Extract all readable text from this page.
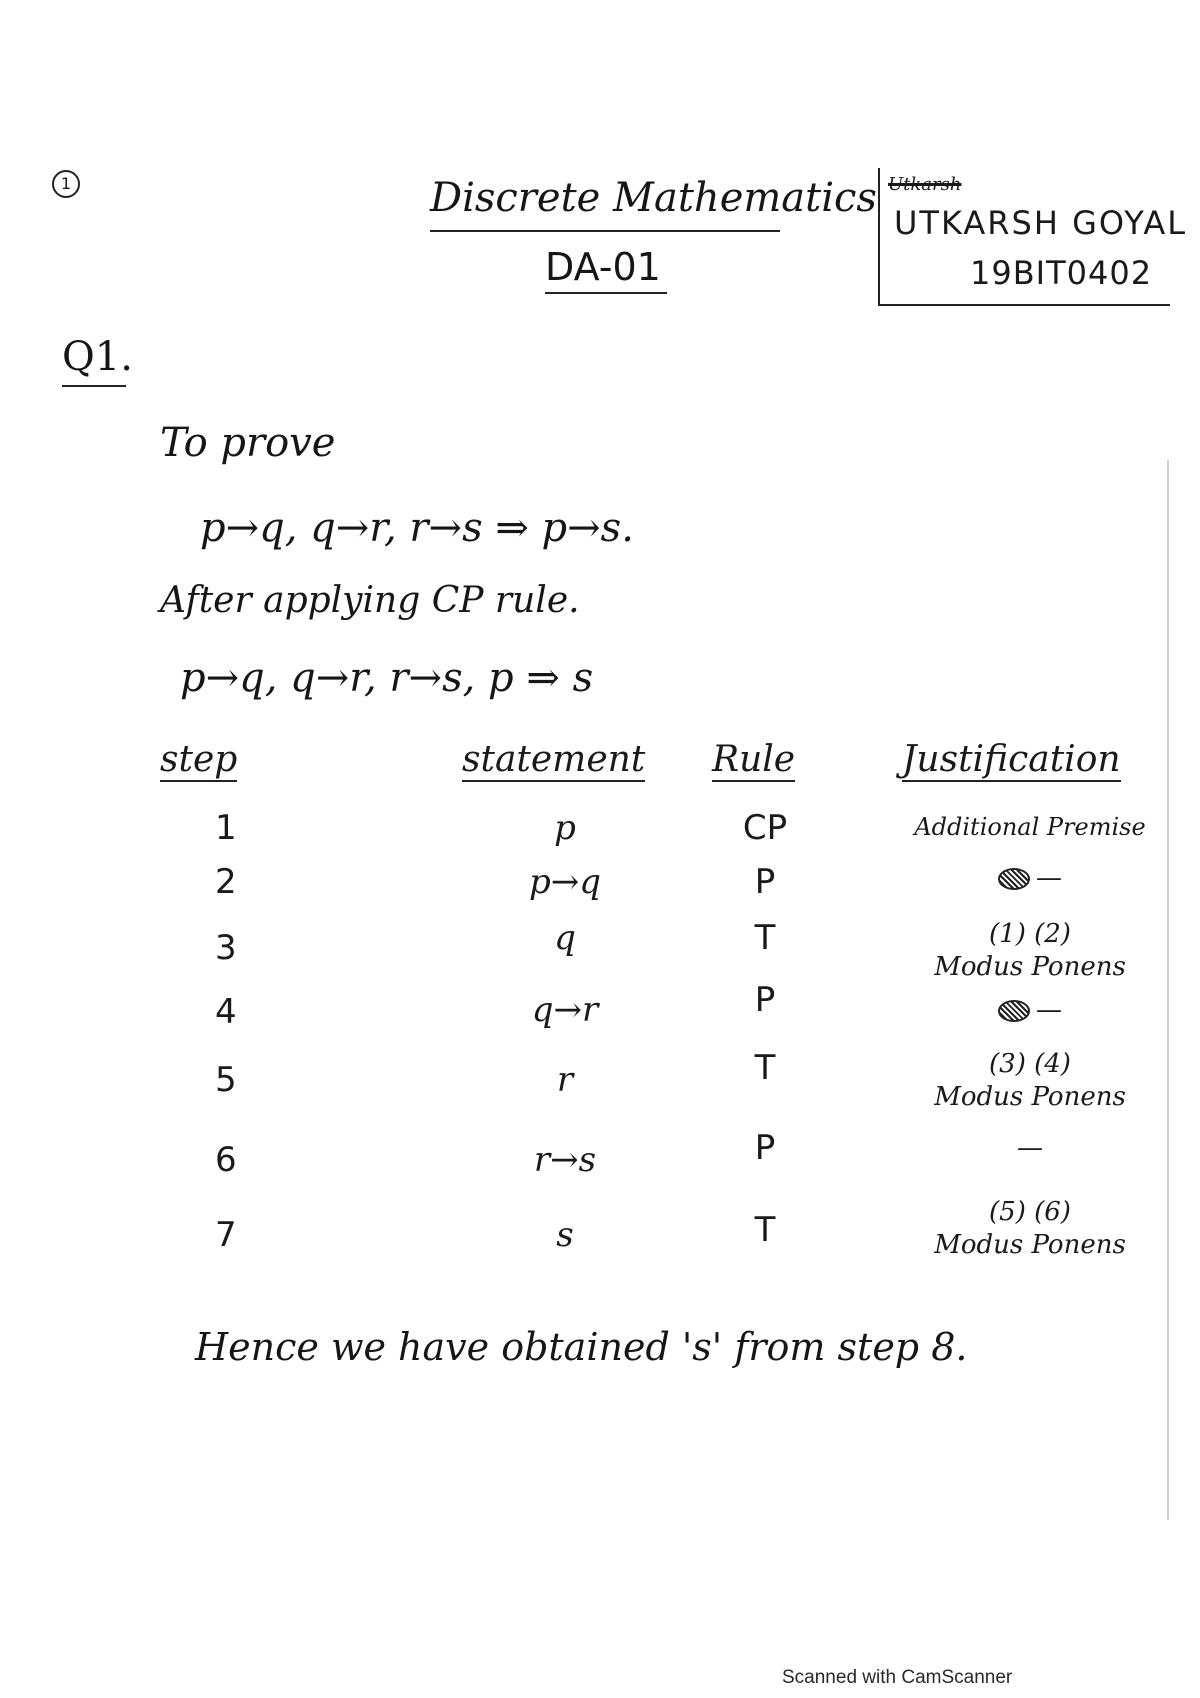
1	Discrete Mathematics
DA-01
Utkarsh
UTKARSH GOYAL
19BIT0402
Q1.
To prove
p→q, q→r, r→s ⇒ p→s.
After applying CP rule.
p→q, q→r, r→s, p ⇒ s
step	statement Rule	Justification
1	p	CP	Additional Premise
2	p→q	P	—
3	q	T	(1) (2)
Modus Ponens
4	q→r	P	—
5	r	T	(3) (4)
Modus Ponens
6	r→s	P	—
7	s	T	(5) (6)
Modus Ponens
Hence we have obtained 's' from step 8.
Scanned with CamScanner
